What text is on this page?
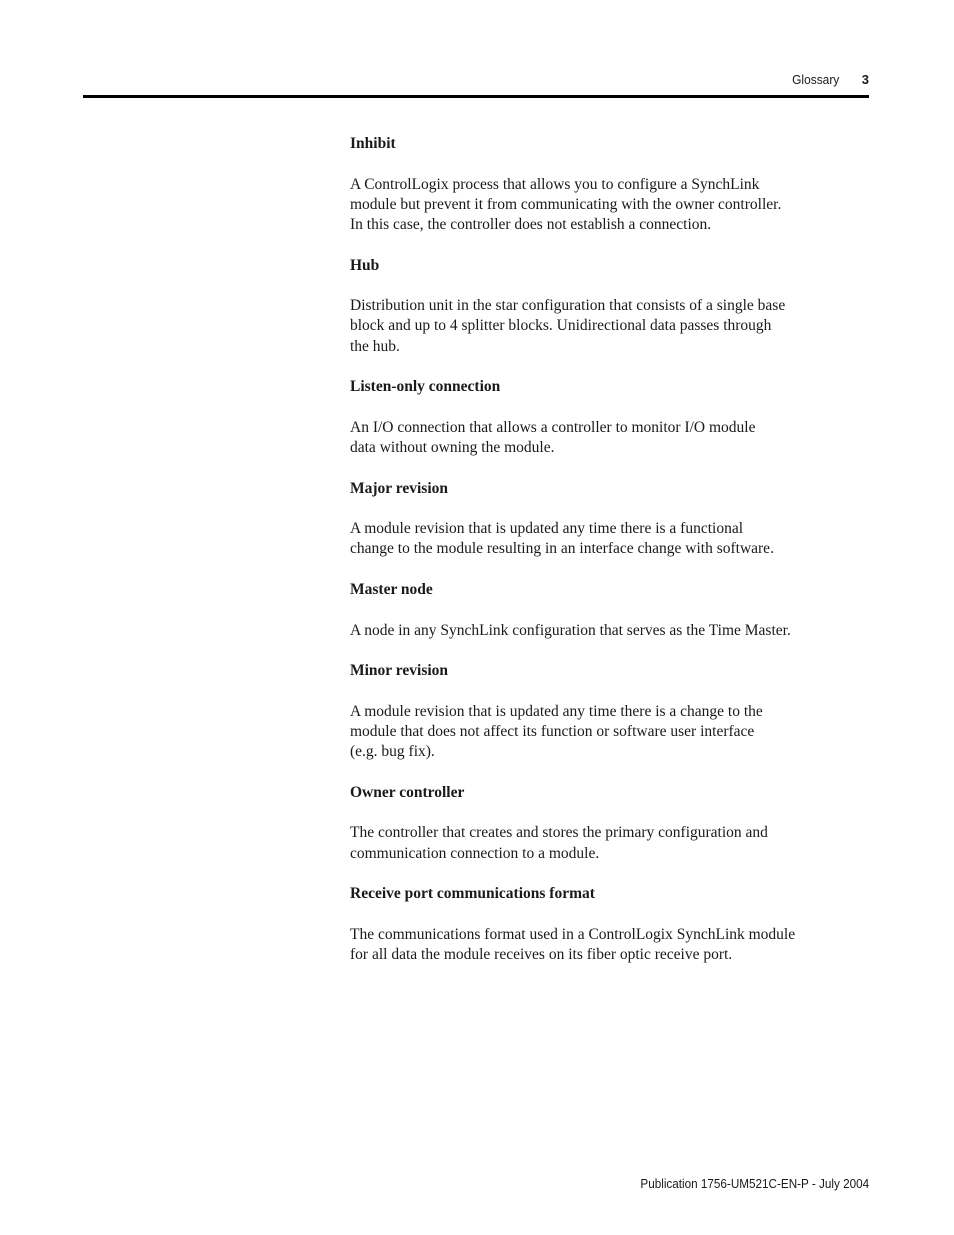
Glossary 3
Inhibit
A ControlLogix process that allows you to configure a SynchLink
module but prevent it from communicating with the owner controller.
In this case, the controller does not establish a connection.
Hub
Distribution unit in the star configuration that consists of a single base
block and up to 4 splitter blocks. Unidirectional data passes through
the hub.
Listen-only connection
An I/O connection that allows a controller to monitor I/O module
data without owning the module.
Major revision
A module revision that is updated any time there is a functional
change to the module resulting in an interface change with software.
Master node
A node in any SynchLink configuration that serves as the Time Master.
Minor revision
A module revision that is updated any time there is a change to the
module that does not affect its function or software user interface
(e.g. bug fix).
Owner controller
The controller that creates and stores the primary configuration and
communication connection to a module.
Receive port communications format
The communications format used in a ControlLogix SynchLink module
for all data the module receives on its fiber optic receive port.
Publication 1756-UM521C-EN-P - July 2004
